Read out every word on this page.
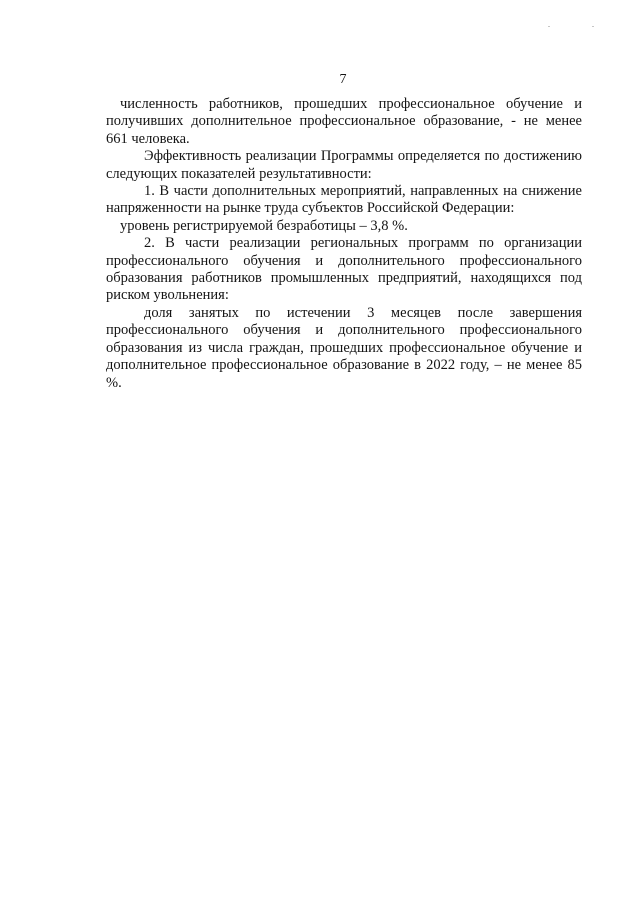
. .
7

численность работников, прошедших профессиональное обучение и получивших дополнительное профессиональное образование, - не менее 661 человека.

Эффективность реализации Программы определяется по достижению следующих показателей результативности:

1. В части дополнительных мероприятий, направленных на снижение напряженности на рынке труда субъектов Российской Федерации:

уровень регистрируемой безработицы – 3,8 %.

2. В части реализации региональных программ по организации профессионального обучения и дополнительного профессионального образования работников промышленных предприятий, находящихся под риском увольнения:

доля занятых по истечении 3 месяцев после завершения профессионального обучения и дополнительного профессионального образования из числа граждан, прошедших профессиональное обучение и дополнительное профессиональное образование в 2022 году, – не менее 85 %.
